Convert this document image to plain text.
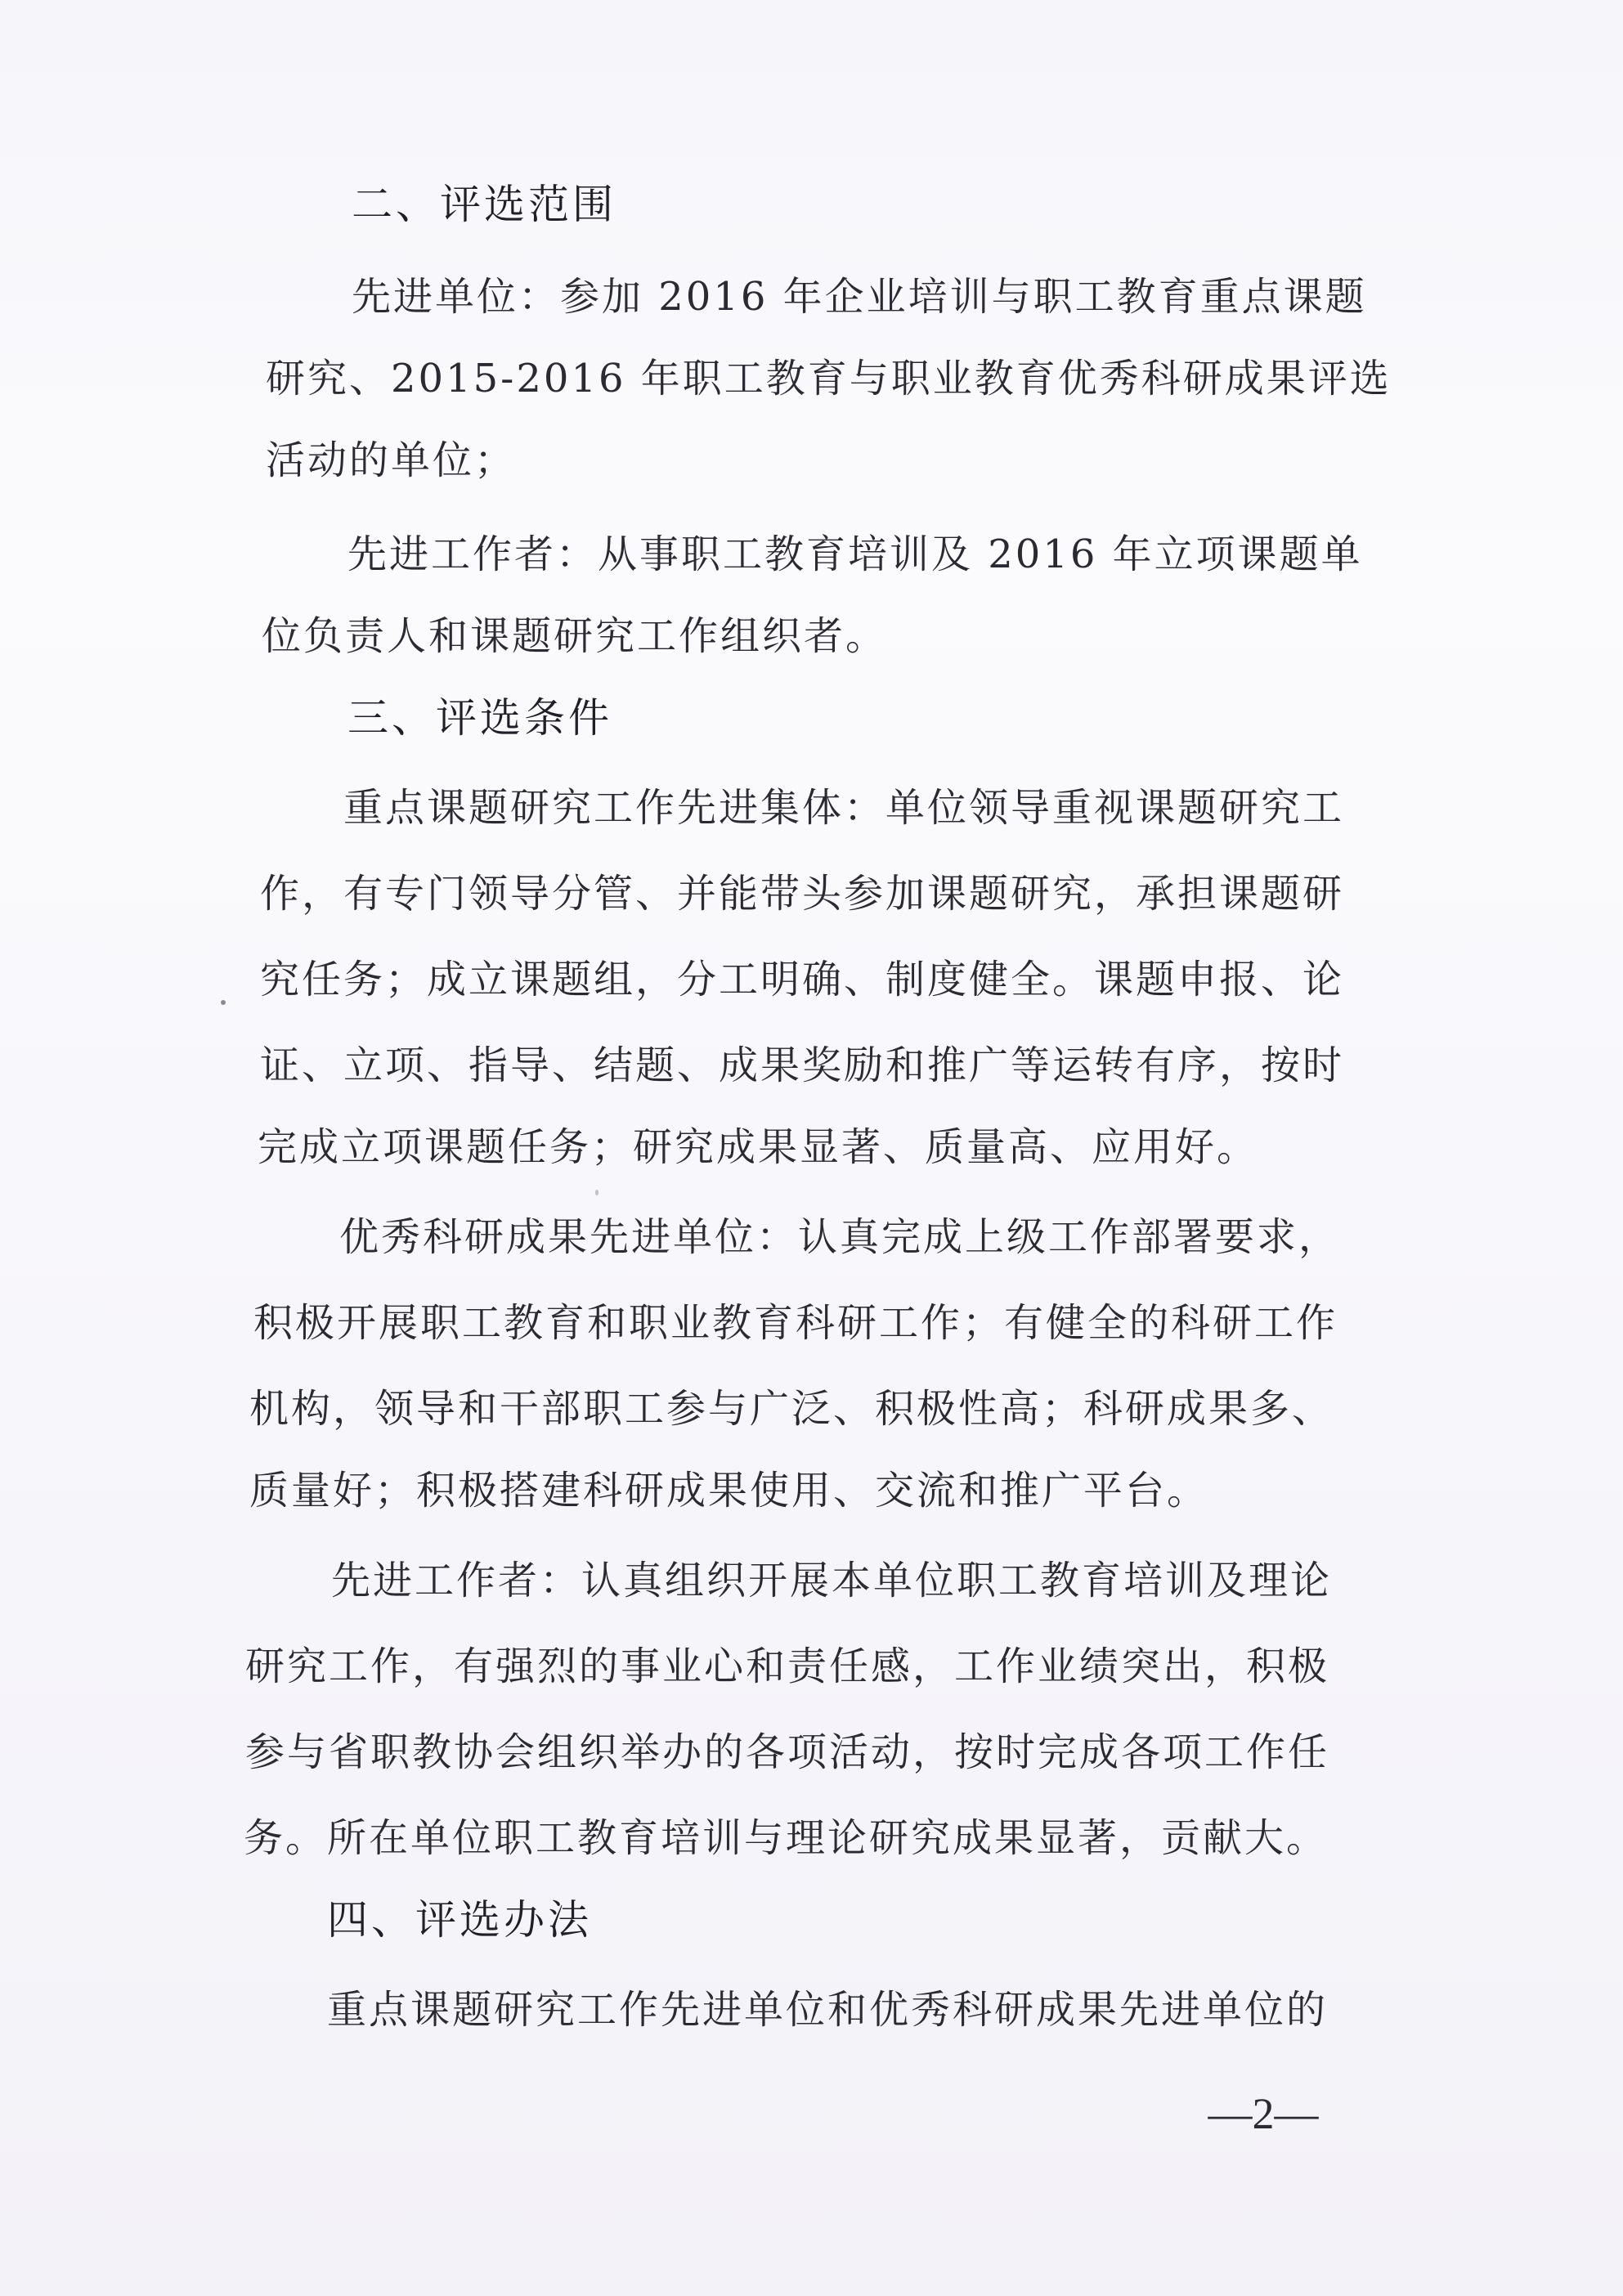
二、评选范围

先进单位：参加 2016 年企业培训与职工教育重点课题

研究、2015-2016 年职工教育与职业教育优秀科研成果评选

活动的单位；

先进工作者：从事职工教育培训及 2016 年立项课题单

位负责人和课题研究工作组织者。

三、评选条件

重点课题研究工作先进集体：单位领导重视课题研究工

作，有专门领导分管、并能带头参加课题研究，承担课题研

究任务；成立课题组，分工明确、制度健全。课题申报、论

证、立项、指导、结题、成果奖励和推广等运转有序，按时

完成立项课题任务；研究成果显著、质量高、应用好。

优秀科研成果先进单位：认真完成上级工作部署要求，

积极开展职工教育和职业教育科研工作；有健全的科研工作

机构，领导和干部职工参与广泛、积极性高；科研成果多、

质量好；积极搭建科研成果使用、交流和推广平台。

先进工作者：认真组织开展本单位职工教育培训及理论

研究工作，有强烈的事业心和责任感，工作业绩突出，积极

参与省职教协会组织举办的各项活动，按时完成各项工作任

务。所在单位职工教育培训与理论研究成果显著，贡献大。

四、评选办法

重点课题研究工作先进单位和优秀科研成果先进单位的

—2—
